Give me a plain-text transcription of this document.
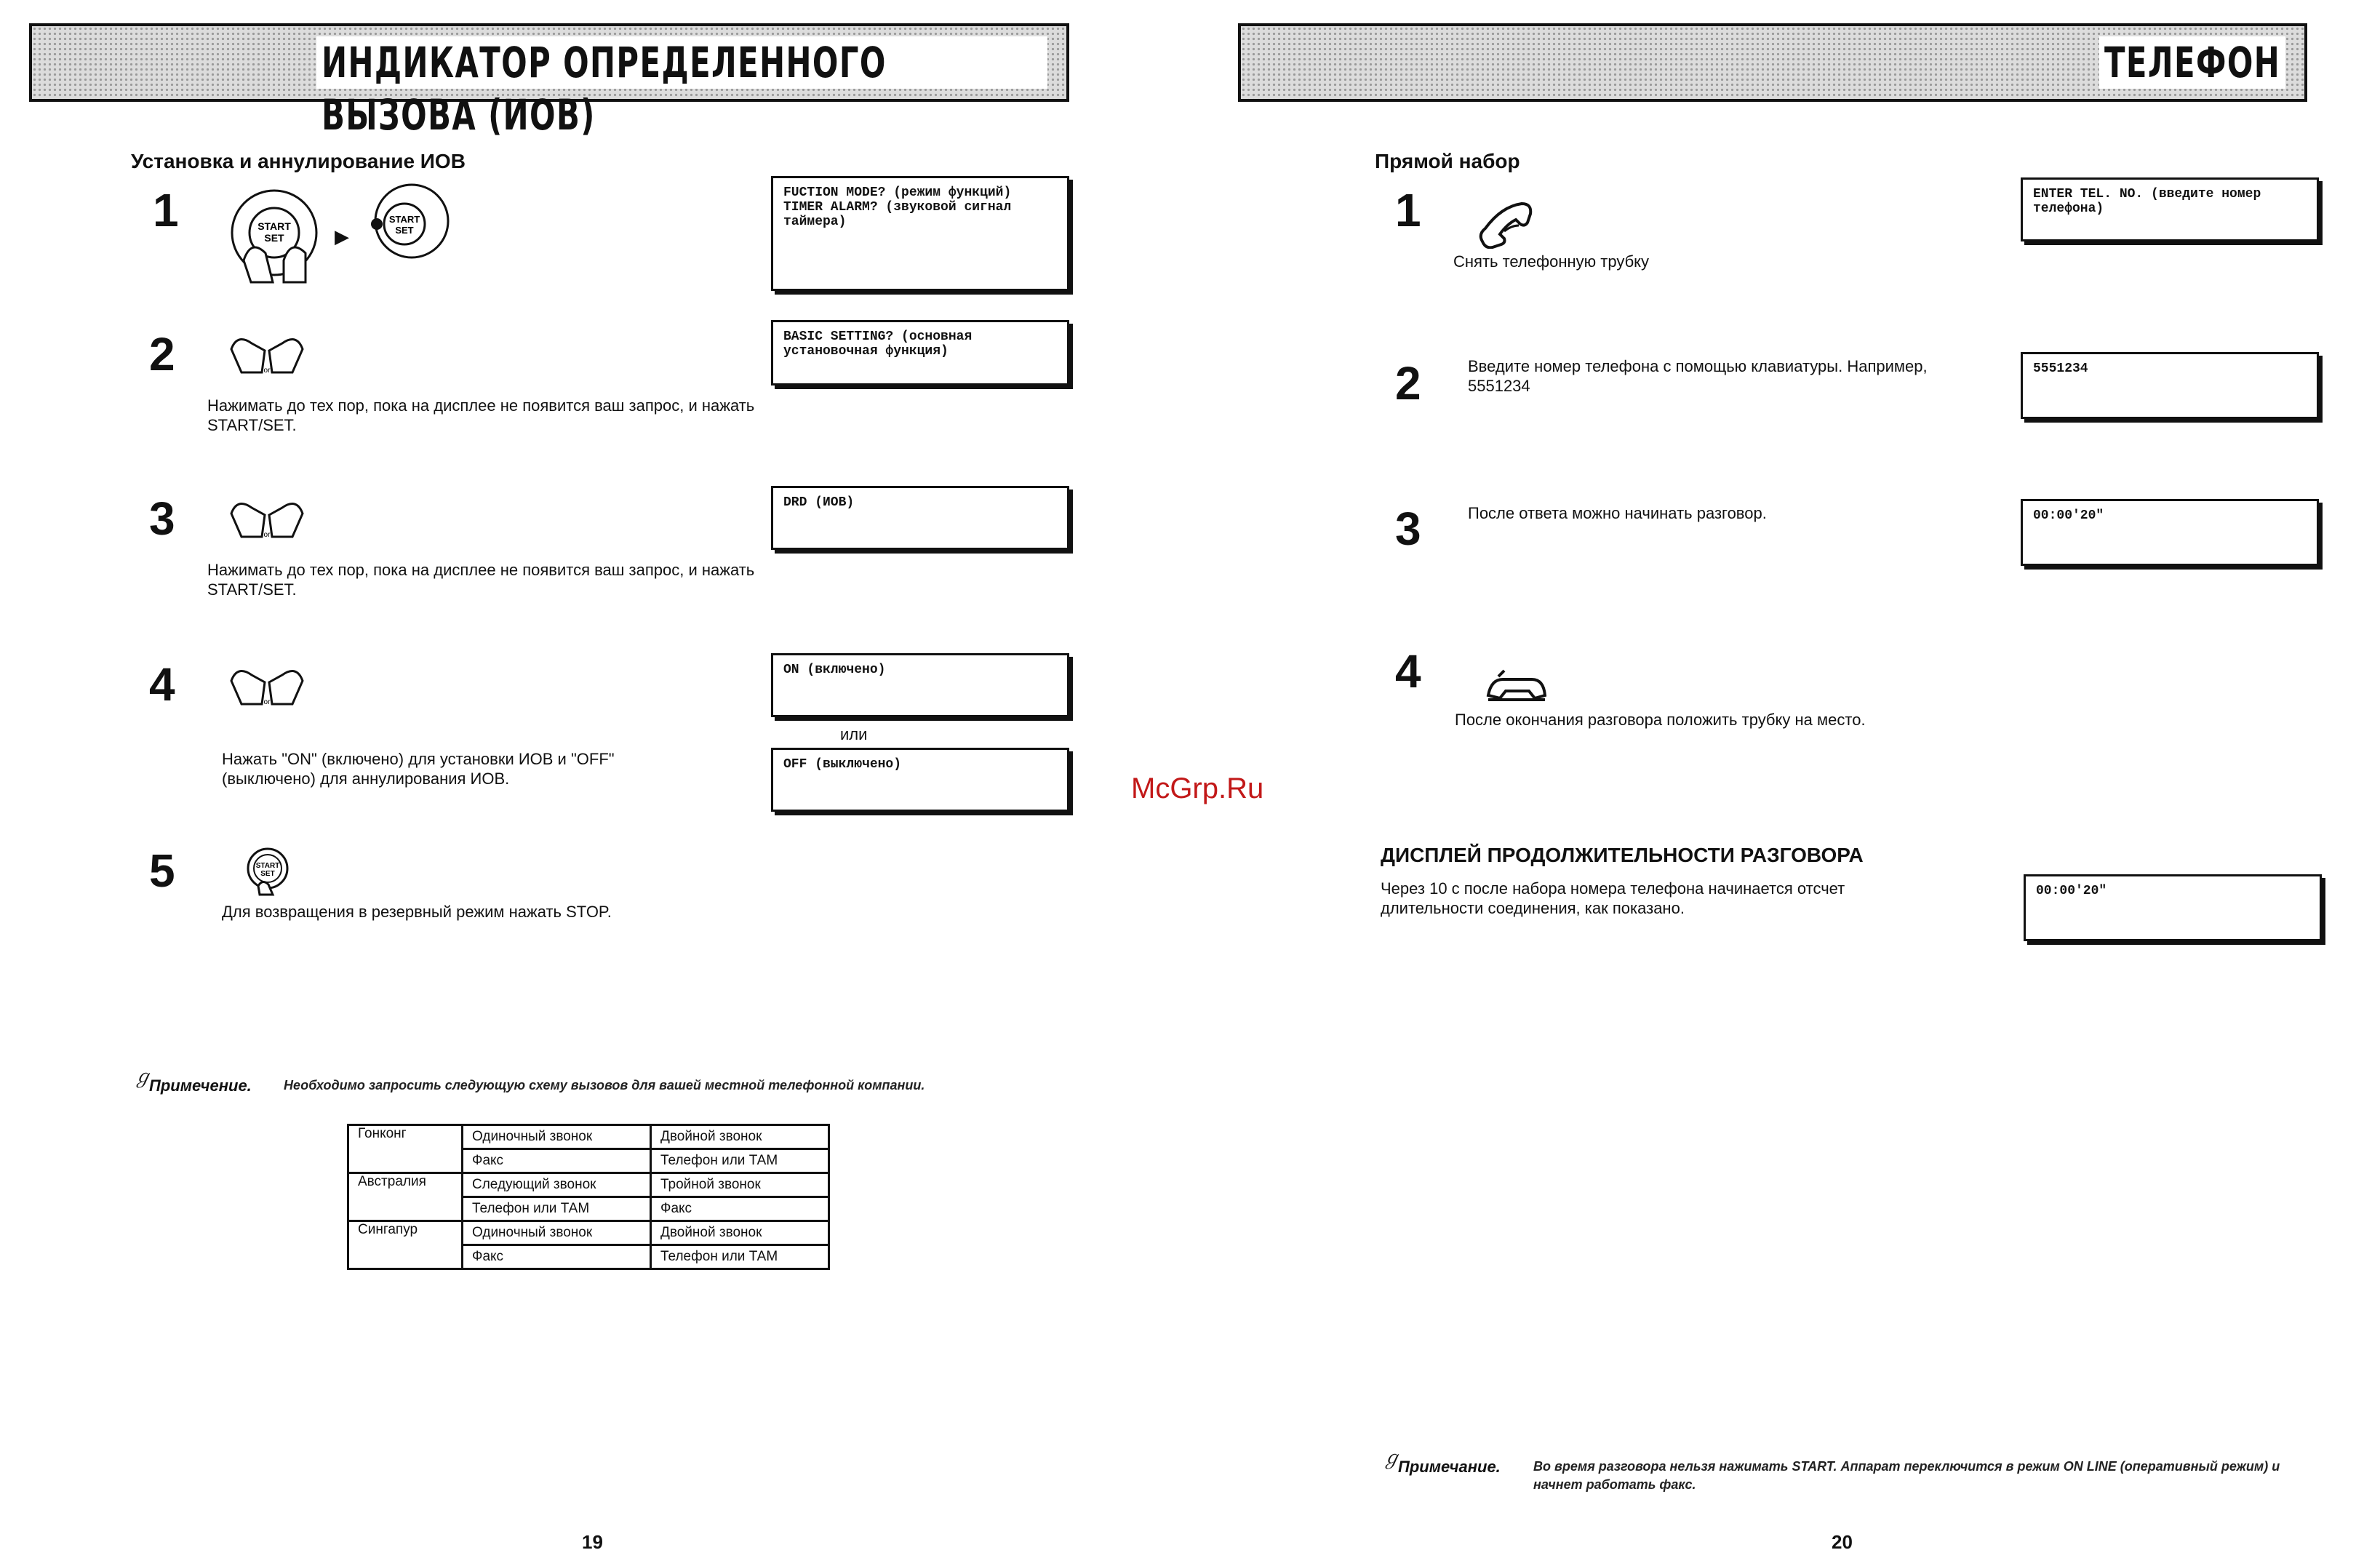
ИНДИКАТОР ОПРЕДЕЛЕННОГО ВЫЗОВА (ИОВ)
Установка и аннулирование ИОВ
1	START
SET	▶
START
SET
FUCTION MODE? (режим функций) TIMER ALARM? (звуковой сигнал таймера)
2	or
Нажимать до тех пор, пока на дисплее не появится ваш запрос, и нажать START/SET.
BASIC SETTING? (основная установочная функция)
3	or
Нажимать до тех пор, пока на дисплее не появится ваш запрос, и нажать START/SET.
DRD (ИОВ)
4	or
ON (включено)
или
Нажать "ON" (включено) для установки ИОВ и "OFF" (выключено) для аннулирования ИОВ.
OFF (выключено)
5	START
SET
Для возвращения в резервный режим нажать STOP.
ℊ
Примечение. Необходимо запросить следующую схему вызовов для вашей местной телефонной компании.
Гонконг	Одиночный звонок	Двойной звонок
	Факс	Телефон или ТАМ
Австралия	Следующий звонок	Тройной звонок
	Телефон или ТАМ	Факс
Сингапур	Одиночный звонок	Двойной звонок
	Факс	Телефон или ТАМ
19
McGrp.Ru
ТЕЛЕФОН
Прямой набор
1
Снять телефонную трубку
ENTER TEL. NO. (введите номер телефона)
2	Введите номер телефона с помощью клавиатуры. Например, 5551234
5551234
3	После ответа можно начинать разговор.	00:00'20"
4
После окончания разговора положить трубку на место.
ДИСПЛЕЙ ПРОДОЛЖИТЕЛЬНОСТИ РАЗГОВОРА
Через 10 с после набора номера телефона начинается отсчет длительности соединения, как показано.
00:00'20"
ℊ
Примечание.	Во время разговора нельзя нажимать START. Аппарат переключится в режим ON LINE (оперативный режим) и начнет работать факс.
20
